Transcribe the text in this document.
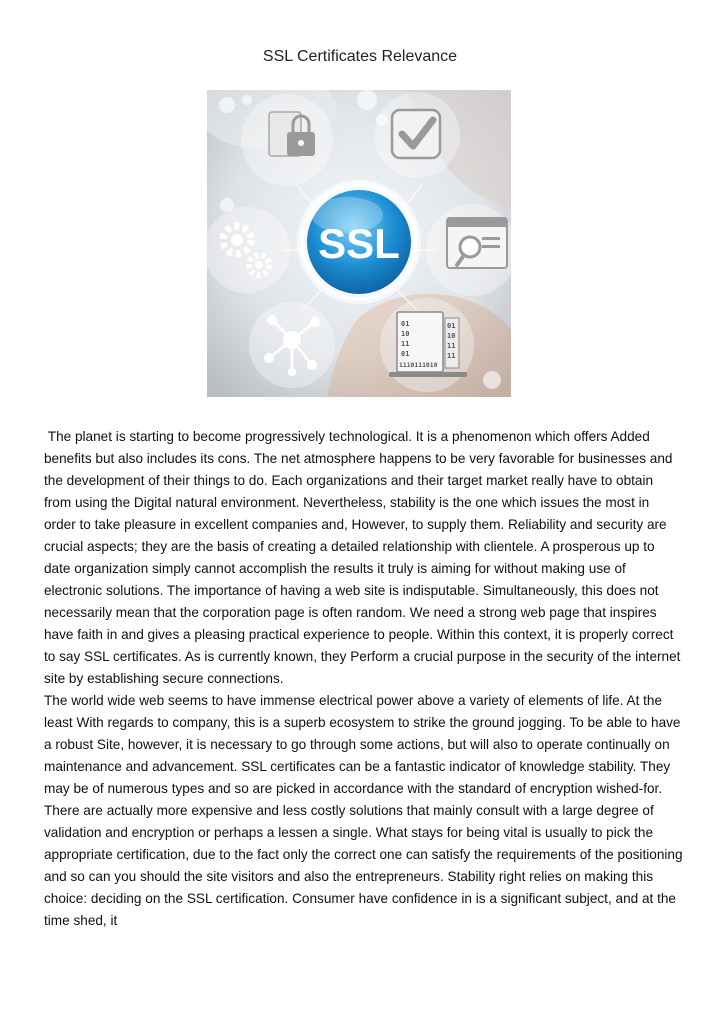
SSL Certificates Relevance
01
10
11
01
1110111010
01
10
11
11
SSL

The planet is starting to become progressively technological. It is a phenomenon which offers Added benefits but also includes its cons. The net atmosphere happens to be very favorable for businesses and the development of their things to do. Each organizations and their target market really have to obtain from using the Digital natural environment. Nevertheless, stability is the one which issues the most in order to take pleasure in excellent companies and, However, to supply them. Reliability and security are crucial aspects; they are the basis of creating a detailed relationship with clientele. A prosperous up to date organization simply cannot accomplish the results it truly is aiming for without making use of electronic solutions. The importance of having a web site is indisputable. Simultaneously, this does not necessarily mean that the corporation page is often random. We need a strong web page that inspires have faith in and gives a pleasing practical experience to people. Within this context, it is properly correct to say SSL certificates. As is currently known, they Perform a crucial purpose in the security of the internet site by establishing secure connections.

The world wide web seems to have immense electrical power above a variety of elements of life. At the least With regards to company, this is a superb ecosystem to strike the ground jogging. To be able to have a robust Site, however, it is necessary to go through some actions, but will also to operate continually on maintenance and advancement. SSL certificates can be a fantastic indicator of knowledge stability. They may be of numerous types and so are picked in accordance with the standard of encryption wished-for. There are actually more expensive and less costly solutions that mainly consult with a large degree of validation and encryption or perhaps a lessen a single. What stays for being vital is usually to pick the appropriate certification, due to the fact only the correct one can satisfy the requirements of the positioning and so can you should the site visitors and also the entrepreneurs. Stability right relies on making this choice: deciding on the SSL certification. Consumer have confidence in is a significant subject, and at the time shed, it
